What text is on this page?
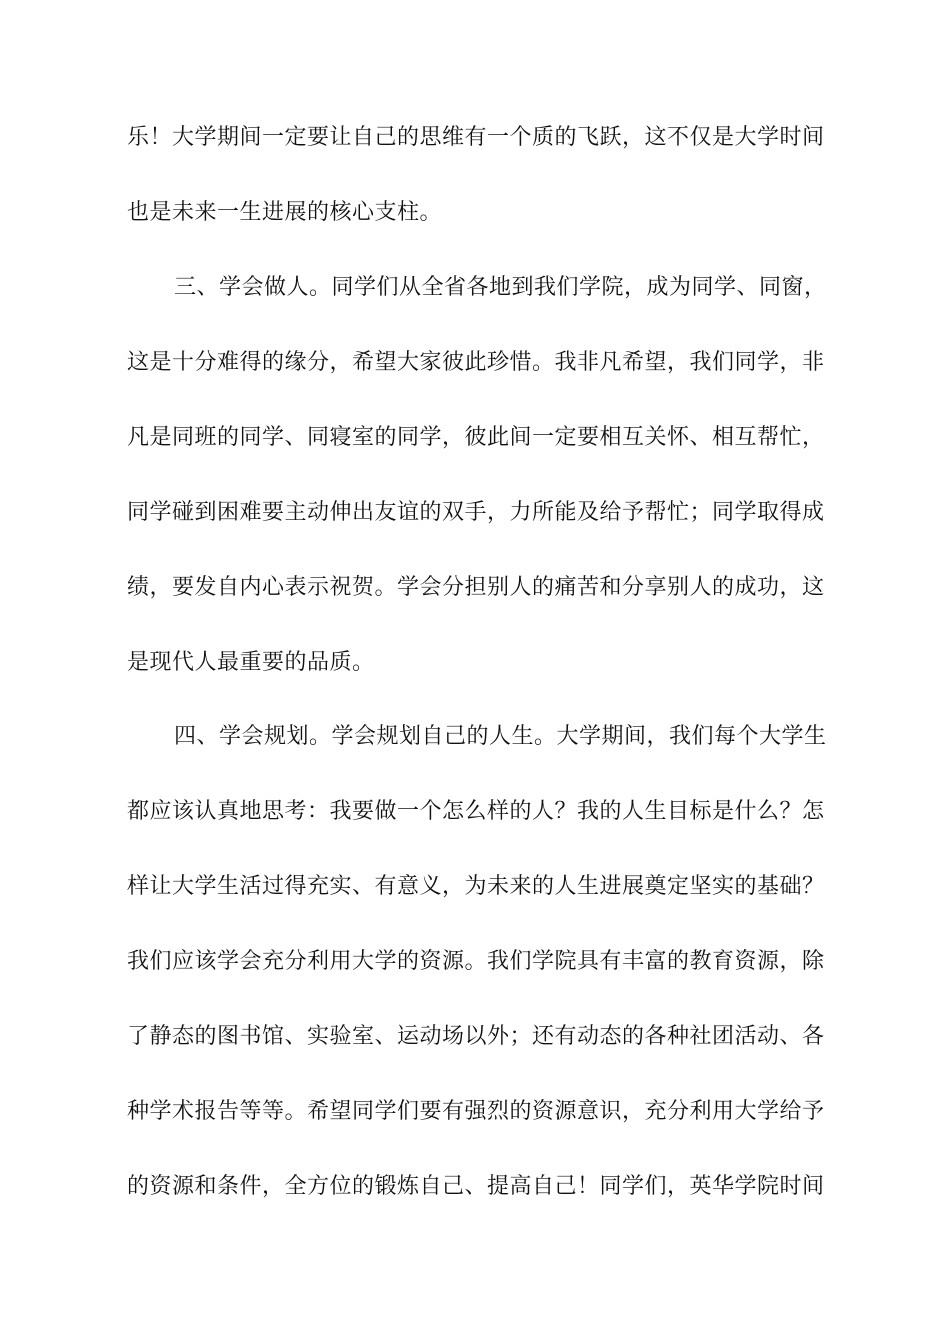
乐！大学期间一定要让自己的思维有一个质的飞跃，这不仅是大学时间
也是未来一生进展的核心支柱。
三、学会做人。同学们从全省各地到我们学院，成为同学、同窗，
这是十分难得的缘分，希望大家彼此珍惜。我非凡希望，我们同学，非
凡是同班的同学、同寝室的同学，彼此间一定要相互关怀、相互帮忙，
同学碰到困难要主动伸出友谊的双手，力所能及给予帮忙；同学取得成
绩，要发自内心表示祝贺。学会分担别人的痛苦和分享别人的成功，这
是现代人最重要的品质。
四、学会规划。学会规划自己的人生。大学期间，我们每个大学生
都应该认真地思考：我要做一个怎么样的人？我的人生目标是什么？怎
样让大学生活过得充实、有意义，为未来的人生进展奠定坚实的基础？
我们应该学会充分利用大学的资源。我们学院具有丰富的教育资源，除
了静态的图书馆、实验室、运动场以外；还有动态的各种社团活动、各
种学术报告等等。希望同学们要有强烈的资源意识，充分利用大学给予
的资源和条件，全方位的锻炼自己、提高自己！同学们，英华学院时间
